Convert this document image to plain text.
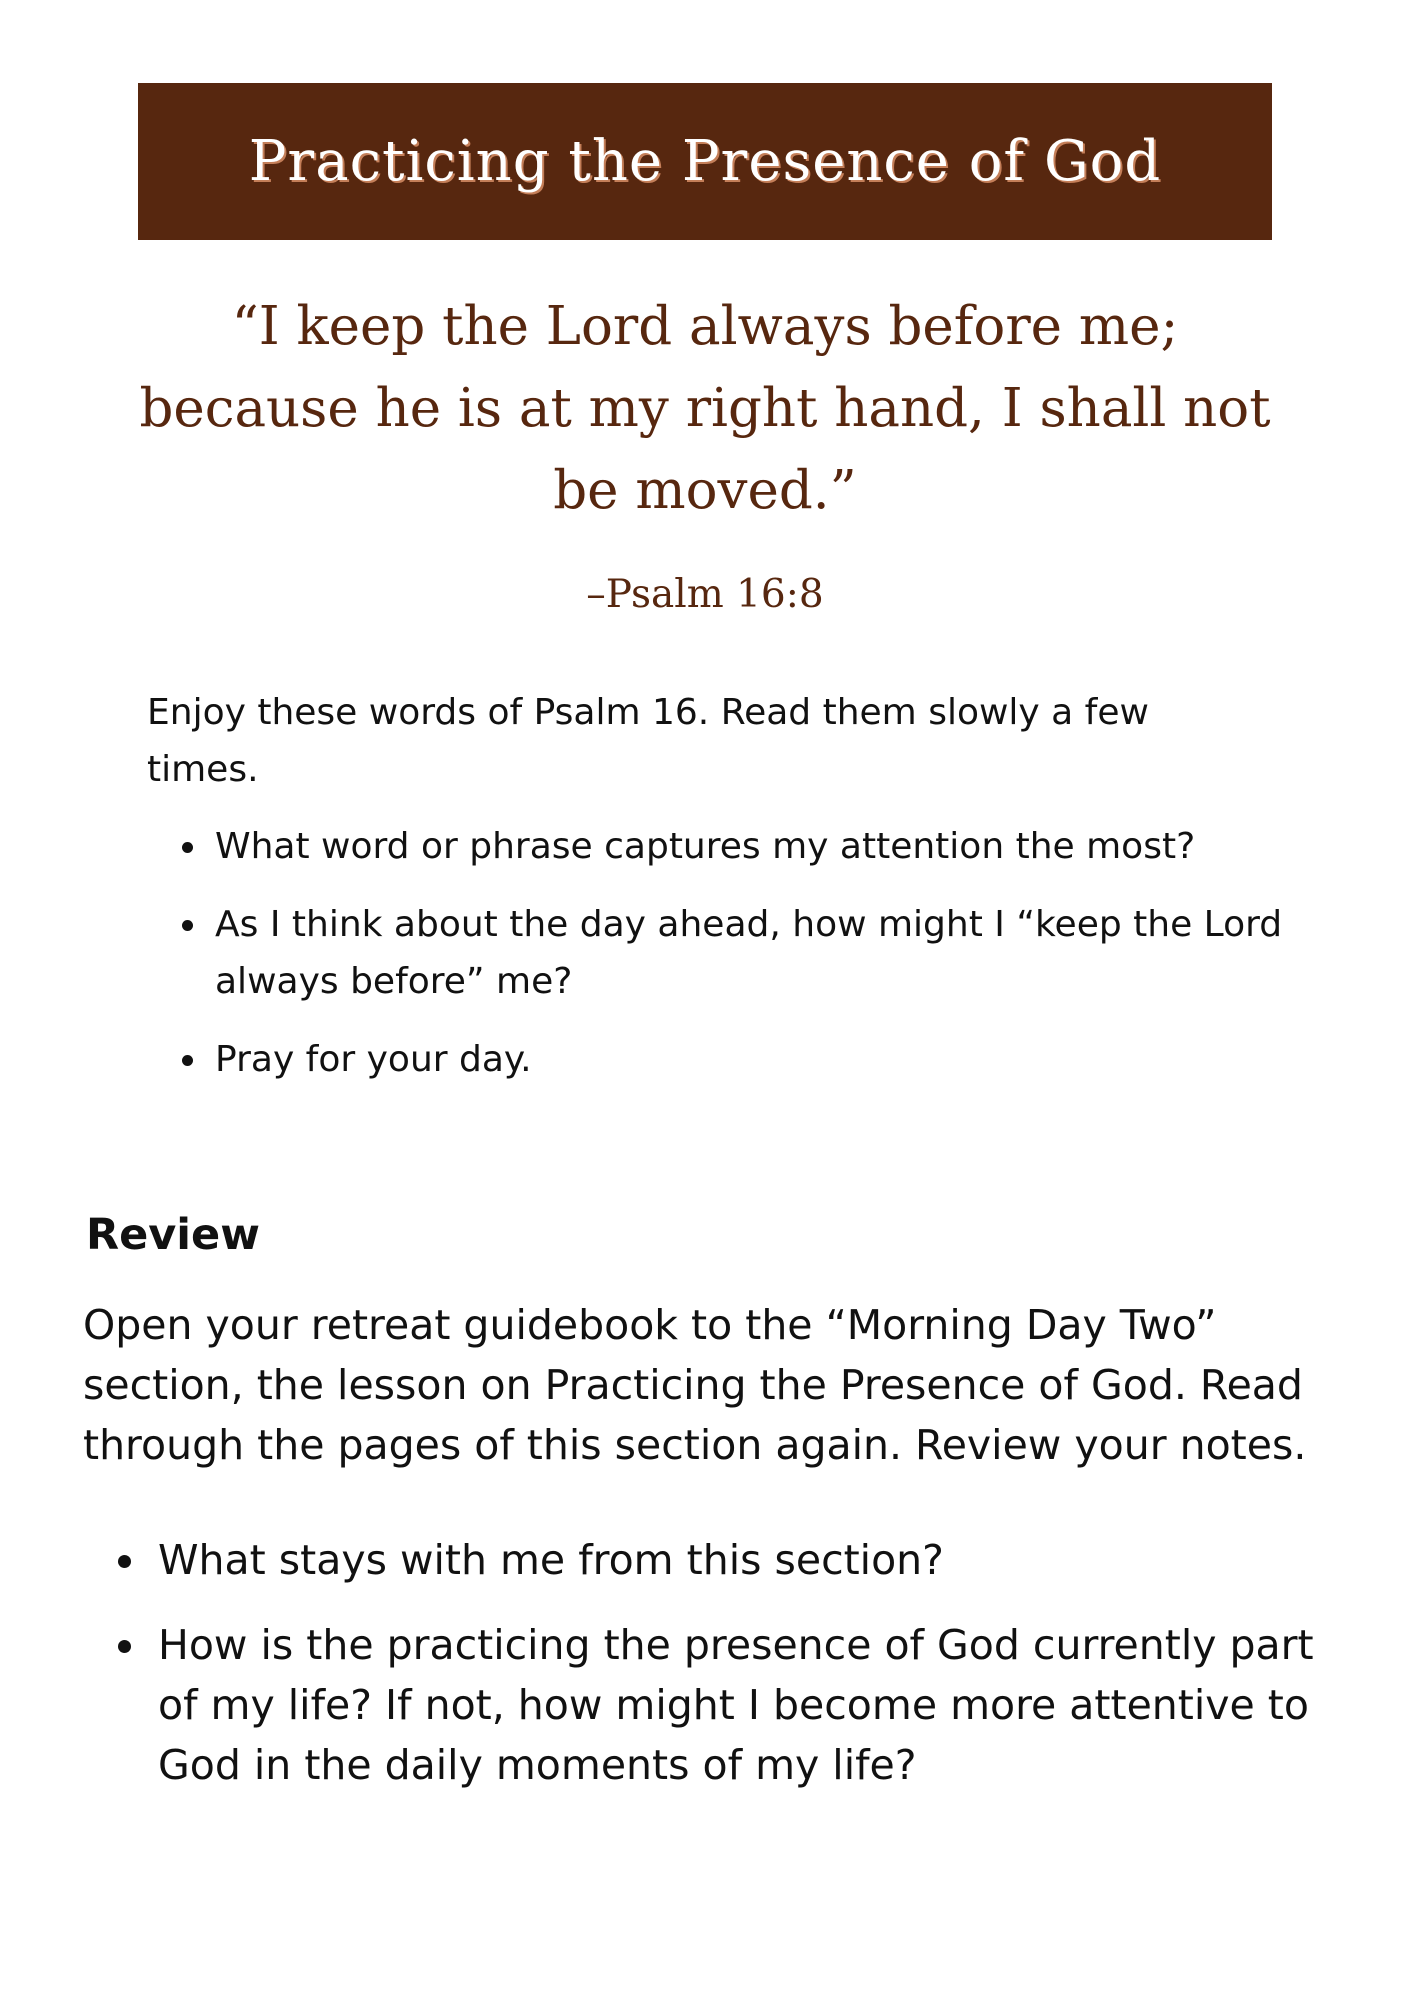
Practicing the Presence of God

“I keep the Lord always before me; because he is at my right hand, I shall not be moved.”

–Psalm 16:8

Enjoy these words of Psalm 16. Read them slowly a few times.

What word or phrase captures my attention the most?
As I think about the day ahead, how might I “keep the Lord always before” me?
Pray for your day.
Review

Open your retreat guidebook to the “Morning Day Two” section, the lesson on Practicing the Presence of God. Read through the pages of this section again. Review your notes.

What stays with me from this section?
How is the practicing the presence of God currently part of my life? If not, how might I become more attentive to God in the daily moments of my life?
